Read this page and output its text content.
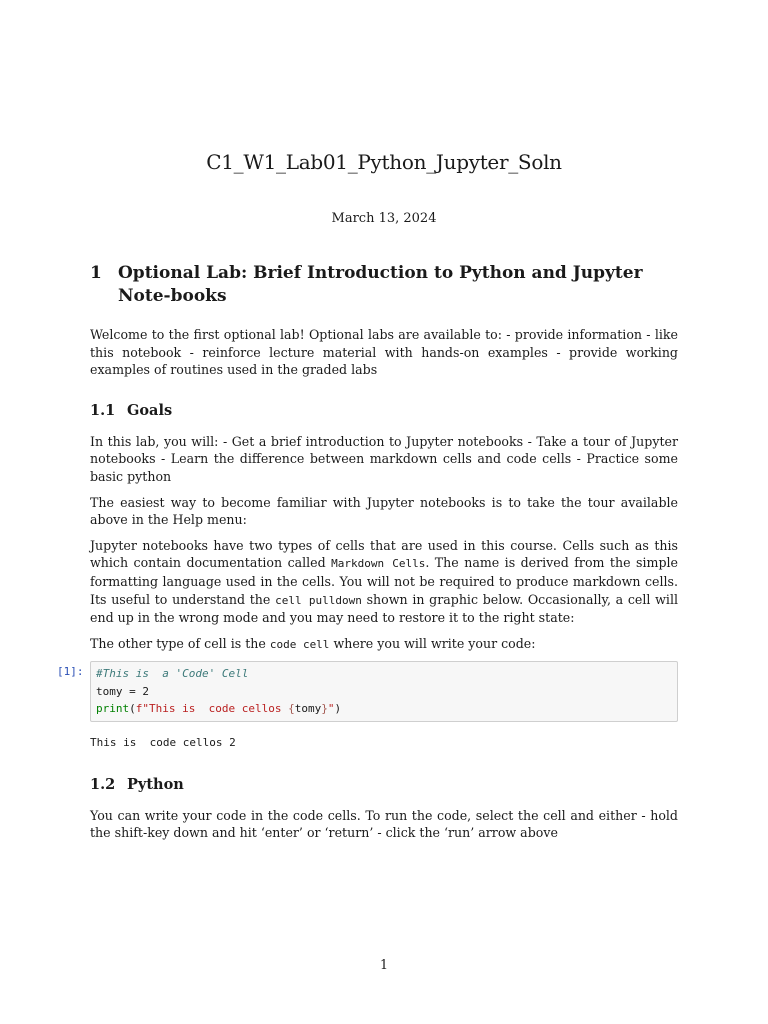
C1_W1_Lab01_Python_Jupyter_Soln
March 13, 2024
1 Optional Lab: Brief Introduction to Python and Jupyter Note-books

Welcome to the first optional lab! Optional labs are available to: - provide information - like this notebook - reinforce lecture material with hands-on examples - provide working examples of routines used in the graded labs

1.1 Goals

In this lab, you will: - Get a brief introduction to Jupyter notebooks - Take a tour of Jupyter notebooks - Learn the difference between markdown cells and code cells - Practice some basic python

The easiest way to become familiar with Jupyter notebooks is to take the tour available above in the Help menu:

Jupyter notebooks have two types of cells that are used in this course. Cells such as this which contain documentation called Markdown Cells. The name is derived from the simple formatting language used in the cells. You will not be required to produce markdown cells. Its useful to understand the cell pulldown shown in graphic below. Occasionally, a cell will end up in the wrong mode and you may need to restore it to the right state:

The other type of cell is the code cell where you will write your code:

[1]: #This is  a 'Code' Cell
tomy = 2
print(f"This is  code cellos {tomy}")
This is  code cellos 2
1.2 Python

You can write your code in the code cells. To run the code, select the cell and either - hold the shift-key down and hit ‘enter’ or ‘return’ - click the ‘run’ arrow above

1
